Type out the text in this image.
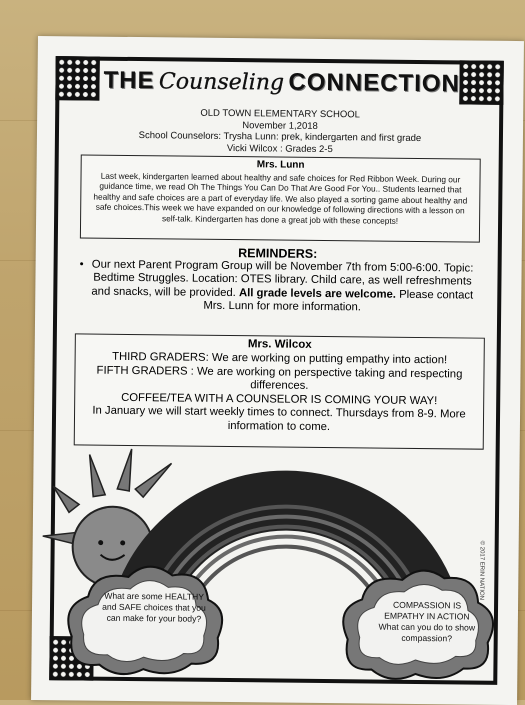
THE Counseling CONNECTION
OLD TOWN ELEMENTARY SCHOOL
November 1,2018
School Counselors: Trysha Lunn: prek, kindergarten and first grade
Vicki Wilcox : Grades 2-5
Mrs. Lunn

Last week, kindergarten learned about healthy and safe choices for Red Ribbon Week. During our guidance time, we read Oh The Things You Can Do That Are Good For You.. Students learned that healthy and safe choices are a part of everyday life. We also played a sorting game about healthy and safe choices.This week we have expanded on our knowledge of following directions with a lesson on self-talk. Kindergarten has done a great job with these concepts!

REMINDERS:
• Our next Parent Program Group will be November 7th from 5:00-6:00. Topic: Bedtime Struggles. Location: OTES library. Child care, as well refreshments and snacks, will be provided. All grade levels are welcome. Please contact Mrs. Lunn for more information.
Mrs. Wilcox
THIRD GRADERS: We are working on putting empathy into action!
FIFTH GRADERS : We are working on perspective taking and respecting differences.
COFFEE/TEA WITH A COUNSELOR IS COMING YOUR WAY!
In January we will start weekly times to connect. Thursdays from 8-9. More information to come.
What are some HEALTHY and SAFE choices that you can make for your body?
COMPASSION IS EMPATHY IN ACTION
What can you do to show compassion?
© 2017 ERIN NATION
